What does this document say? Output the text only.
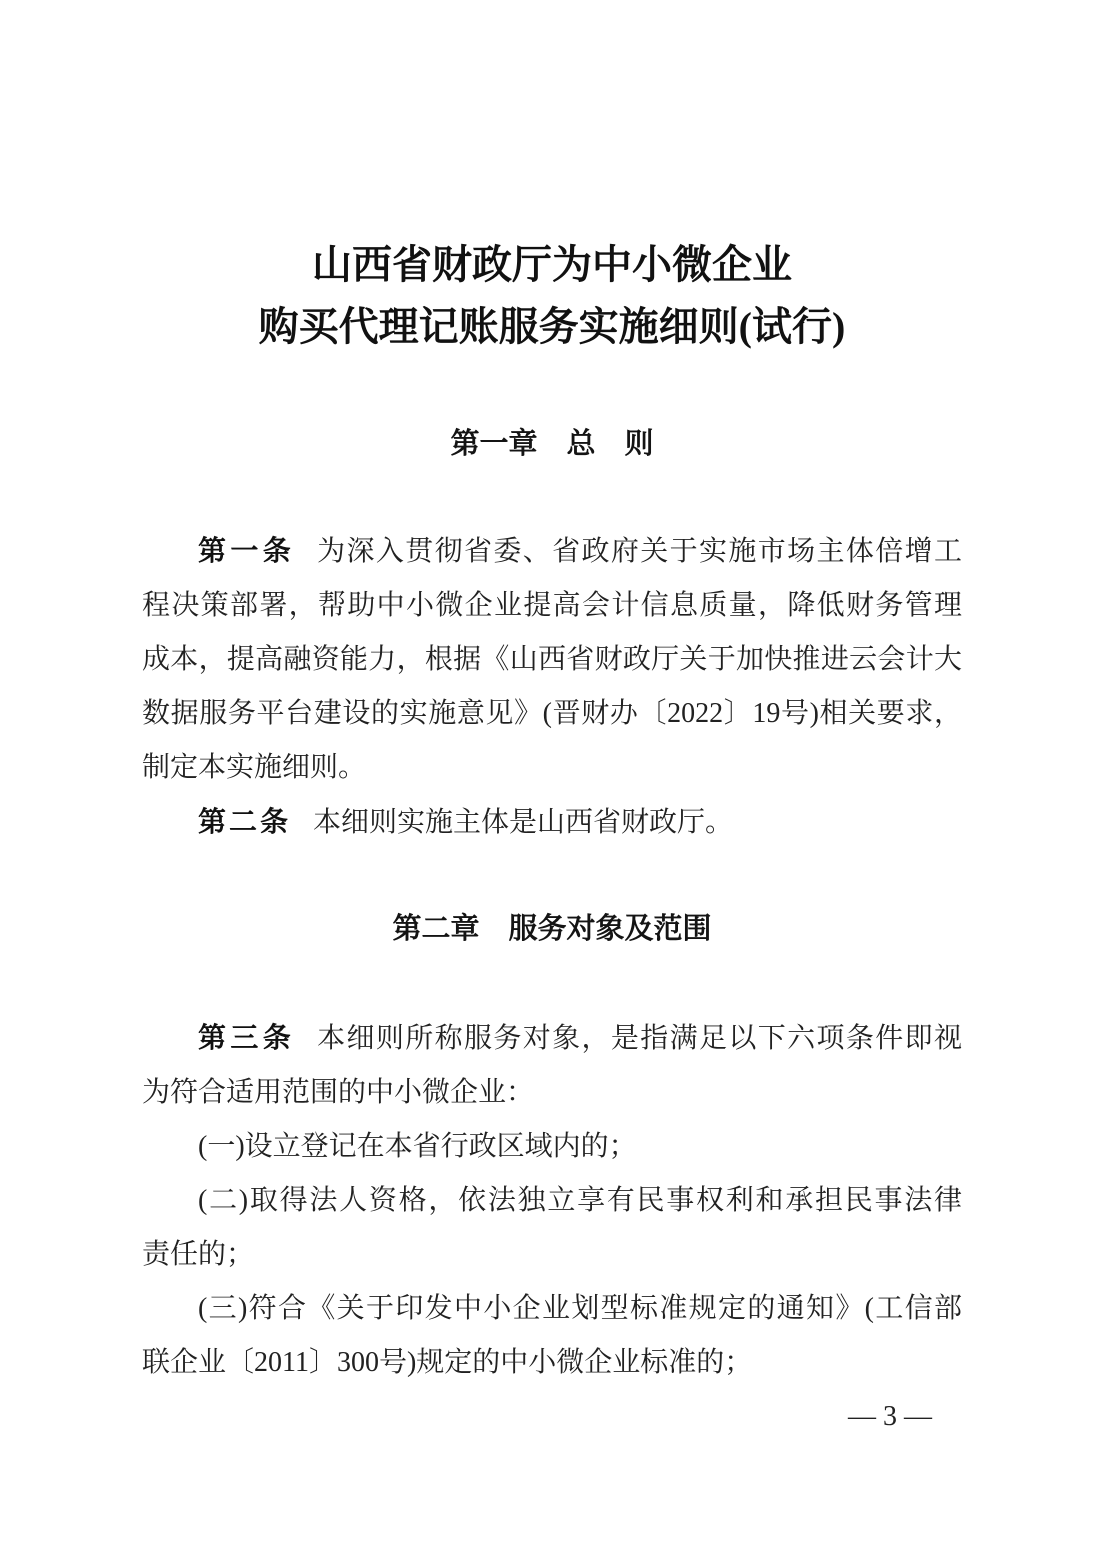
山西省财政厅为中小微企业
购买代理记账服务实施细则(试行)
第一章　总　则
第一条 为深入贯彻省委、省政府关于实施市场主体倍增工
程决策部署，帮助中小微企业提高会计信息质量，降低财务管理
成本，提高融资能力，根据《山西省财政厅关于加快推进云会计大
数据服务平台建设的实施意见》(晋财办〔2022〕19号)相关要求，
制定本实施细则。
第二条 本细则实施主体是山西省财政厅。
第二章　服务对象及范围
第三条 本细则所称服务对象，是指满足以下六项条件即视
为符合适用范围的中小微企业：
(一)设立登记在本省行政区域内的；
(二)取得法人资格，依法独立享有民事权利和承担民事法律
责任的；
(三)符合《关于印发中小企业划型标准规定的通知》(工信部
联企业〔2011〕300号)规定的中小微企业标准的；
— 3 —
